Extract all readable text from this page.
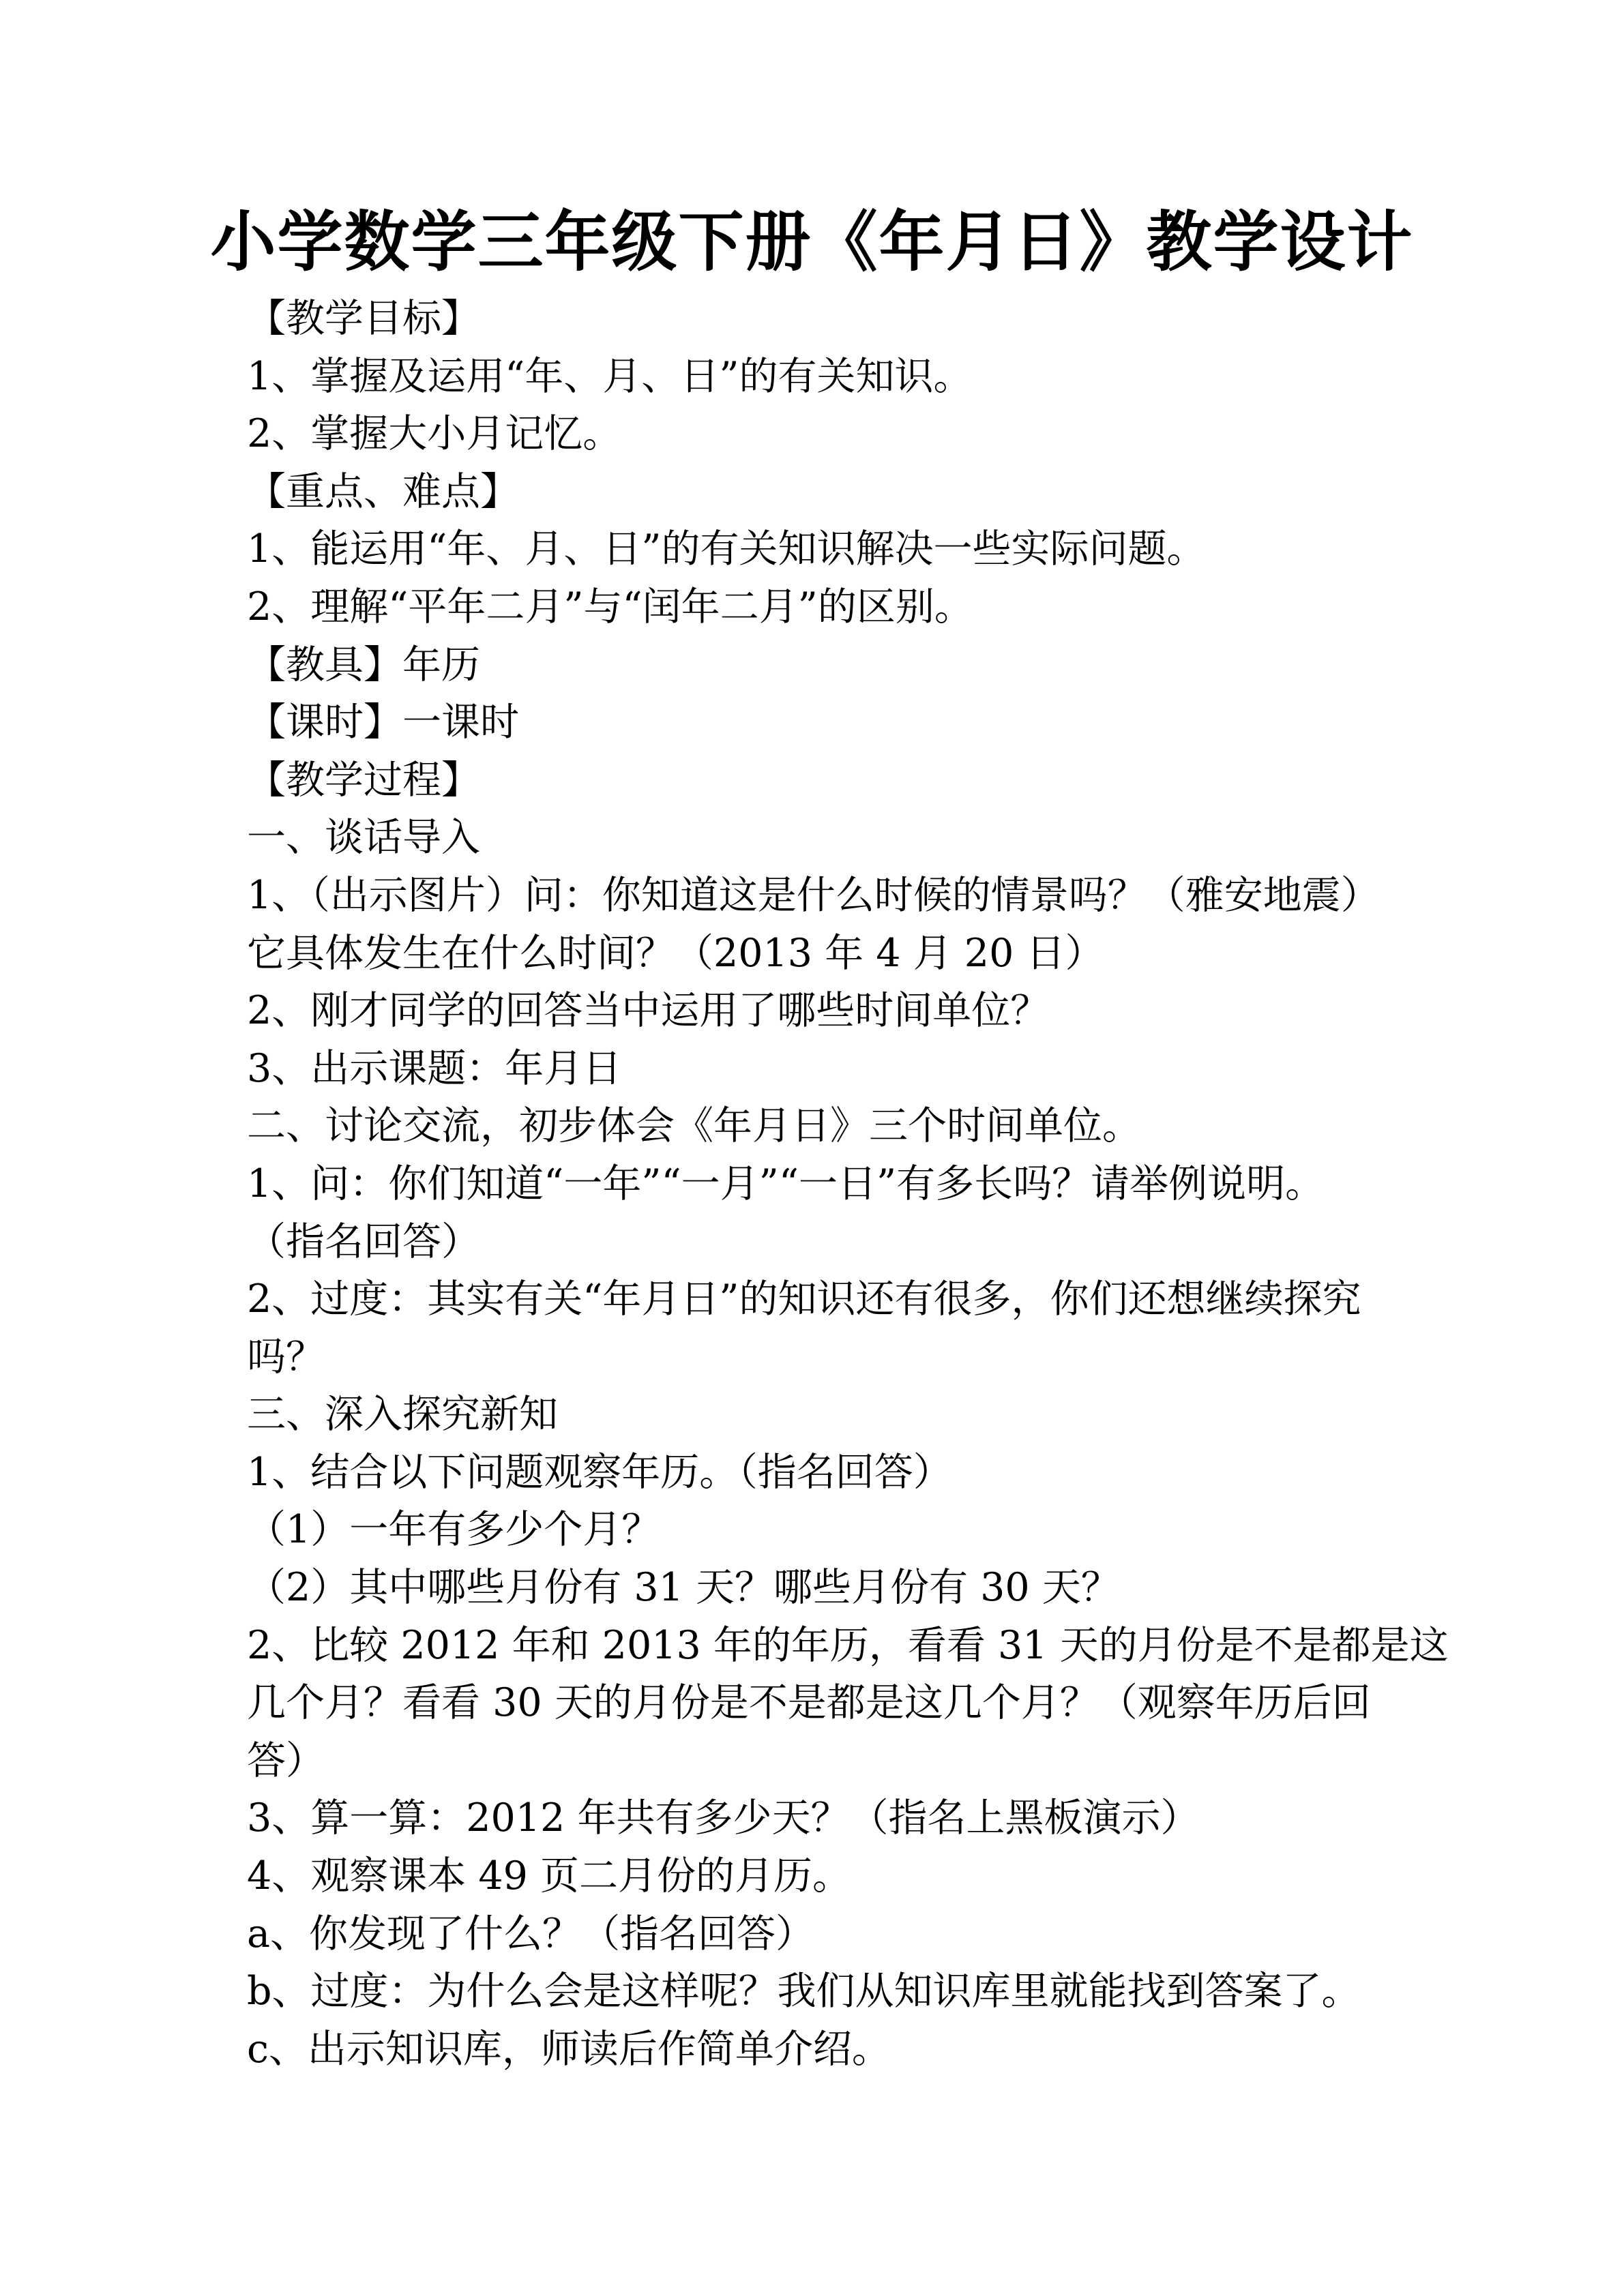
小学数学三年级下册《年月日》教学设计

【教学目标】

1、掌握及运用“年、月、日”的有关知识。

2、掌握大小月记忆。

【重点、难点】

1、能运用“年、月、日”的有关知识解决一些实际问题。

2、理解“平年二月”与“闰年二月”的区别。

【教具】年历

【课时】一课时

【教学过程】

一、谈话导入

1、（出示图片）问：你知道这是什么时候的情景吗？（雅安地震）

它具体发生在什么时间？（2013 年 4 月 20 日）

2、刚才同学的回答当中运用了哪些时间单位？

3、出示课题：年月日

二、讨论交流，初步体会《年月日》三个时间单位。

1、问：你们知道“一年”“一月”“一日”有多长吗？请举例说明。

（指名回答）

2、过度：其实有关“年月日”的知识还有很多，你们还想继续探究

吗？

三、深入探究新知

1、结合以下问题观察年历。（指名回答）

（1）一年有多少个月？

（2）其中哪些月份有 31 天？哪些月份有 30 天？

2、比较 2012 年和 2013 年的年历，看看 31 天的月份是不是都是这

几个月？看看 30 天的月份是不是都是这几个月？（观察年历后回

答）

3、算一算：2012 年共有多少天？（指名上黑板演示）

4、观察课本 49 页二月份的月历。

a、你发现了什么？（指名回答）

b、过度：为什么会是这样呢？我们从知识库里就能找到答案了。

c、出示知识库，师读后作简单介绍。
